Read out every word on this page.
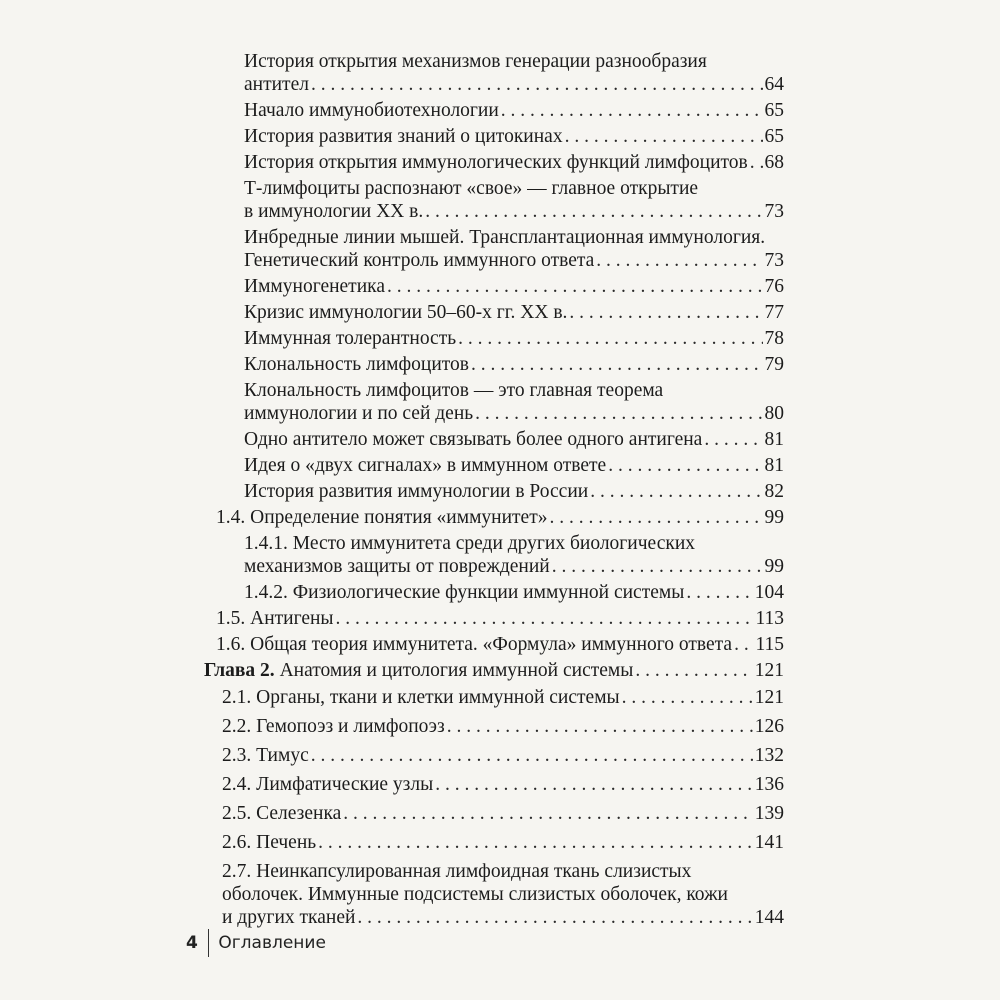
История открытия механизмов генерации разнообразия
антител . . .	64
Начало иммунобиотехнологии . . .	65
История развития знаний о цитокинах . . .	65
История открытия иммунологических функций лимфоцитов . . . 68
Т-лимфоциты распознают «свое» — главное открытие
в иммунологии XX в. . . .	73
Инбредные линии мышей. Трансплантационная иммунология.
Генетический контроль иммунного ответа . . .	73
Иммуногенетика . . .	76
Кризис иммунологии 50–60-х гг. XX в. . . .	77
Иммунная толерантность . . .	78
Клональность лимфоцитов . . .	79
Клональность лимфоцитов — это главная теорема
иммунологии и по сей день . . .	80
Одно антитело может связывать более одного антигена . . .	81
Идея о «двух сигналах» в иммунном ответе . . .	81
История развития иммунологии в России . . .	82
1.4. Определение понятия «иммунитет» . . .	99
1.4.1. Место иммунитета среди других биологических
механизмов защиты от повреждений . . .	99
1.4.2. Физиологические функции иммунной системы . . .	104
1.5. Антигены . . .	113
1.6. Общая теория иммунитета. «Формула» иммунного ответа . . . 115
Глава 2. Анатомия и цитология иммунной системы . . .	121
2.1. Органы, ткани и клетки иммунной системы . . .	121
2.2. Гемопоэз и лимфопоэз . . .	126
2.3. Тимус . . .	132
2.4. Лимфатические узлы . . .	136
2.5. Селезенка . . .	139
2.6. Печень . . .	141
2.7. Неинкапсулированная лимфоидная ткань слизистых
оболочек. Иммунные подсистемы слизистых оболочек, кожи
и других тканей . . .	144
4 Оглавление
